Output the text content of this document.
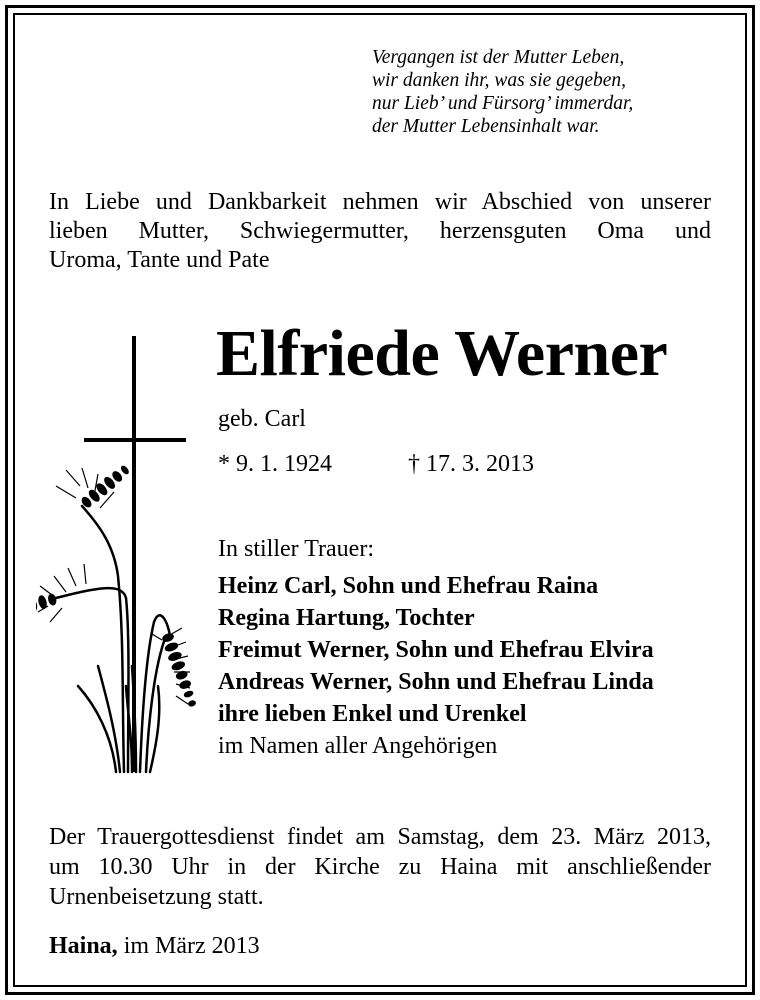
Vergangen ist der Mutter Leben,
wir danken ihr, was sie gegeben,
nur Lieb’ und Fürsorg’ immerdar,
der Mutter Lebensinhalt war.
In Liebe und Dankbarkeit nehmen wir Abschied von unserer
lieben Mutter, Schwiegermutter, herzensguten Oma und
Uroma, Tante und Pate
Elfriede Werner
geb. Carl
* 9. 1. 1924	† 17. 3. 2013
In stiller Trauer:
Heinz Carl, Sohn und Ehefrau Raina
Regina Hartung, Tochter
Freimut Werner, Sohn und Ehefrau Elvira
Andreas Werner, Sohn und Ehefrau Linda
ihre lieben Enkel und Urenkel
im Namen aller Angehörigen
Der Trauergottesdienst findet am Samstag, dem 23. März 2013,
um 10.30 Uhr in der Kirche zu Haina mit anschließender
Urnenbeisetzung statt.
Haina, im März 2013
